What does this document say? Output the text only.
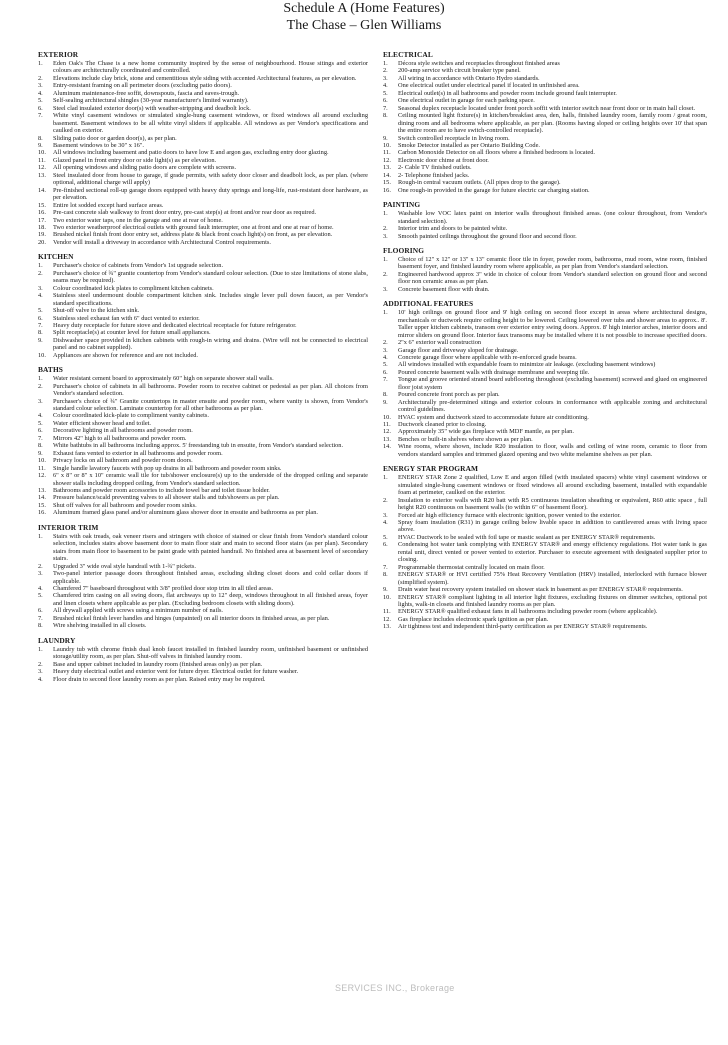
Schedule A (Home Features)
The Chase – Glen Williams
EXTERIOR
1.	Eden Oak's The Chase is a new home community inspired by the sense of neighbourhood. House sitings and exterior colours are architecturally coordinated and controlled.
2.	Elevations include clay brick, stone and cementitious style siding with accented Architectural features, as per elevation.
3.	Entry-resistant framing on all perimeter doors (excluding patio doors).
4.	Aluminum maintenance-free soffit, downspouts, fascia and eaves-trough.
5.	Self-sealing architectural shingles (30-year manufacturer's limited warranty).
6.	Steel clad insulated exterior door(s) with weather-stripping and deadbolt lock.
7.	White vinyl casement windows or simulated single-hung casement windows, or fixed windows all around excluding basement. Basement windows to be all white vinyl sliders if applicable. All windows as per Vendor's specifications and caulked on exterior.
8.	Sliding patio door or garden door(s), as per plan.
9.	Basement windows to be 30" x 16".
10.	All windows including basement and patio doors to have low E and argon gas, excluding entry door glazing.
11.	Glazed panel in front entry door or side light(s) as per elevation.
12.	All opening windows and sliding patio doors are complete with screens.
13.	Steel insulated door from house to garage, if grade permits, with safety door closer and deadbolt lock, as per plan. (where optional, additional charge will apply)
14.	Pre-finished sectional roll-up garage doors equipped with heavy duty springs and long-life, rust-resistant door hardware, as per elevation.
15.	Entire lot sodded except hard surface areas.
16.	Pre-cast concrete slab walkway to front door entry, pre-cast step(s) at front and/or rear door as required.
17.	Two exterior water taps, one in the garage and one at rear of home.
18.	Two exterior weatherproof electrical outlets with ground fault interrupter, one at front and one at rear of home.
19.	Brushed nickel finish front door entry set, address plate & black front coach light(s) on front, as per elevation.
20.	Vendor will install a driveway in accordance with Architectural Control requirements.
KITCHEN
1.	Purchaser's choice of cabinets from Vendor's 1st upgrade selection.
2.	Purchaser's choice of ¾" granite countertop from Vendor's standard colour selection. (Due to size limitations of stone slabs, seams may be required).
3.	Colour coordinated kick plates to compliment kitchen cabinets.
4.	Stainless steel undermount double compartment kitchen sink. Includes single lever pull down faucet, as per Vendor's standard specifications.
5.	Shut-off valve to the kitchen sink.
6.	Stainless steel exhaust fan with 6" duct vented to exterior.
7.	Heavy duty receptacle for future stove and dedicated electrical receptacle for future refrigerator.
8.	Split receptacle(s) at counter level for future small appliances.
9.	Dishwasher space provided in kitchen cabinets with rough-in wiring and drains. (Wire will not be connected to electrical panel and no cabinet supplied).
10.	Appliances are shown for reference and are not included.
BATHS
1.	Water resistant cement board to approximately 60" high on separate shower stall walls.
2.	Purchaser's choice of cabinets in all bathrooms. Powder room to receive cabinet or pedestal as per plan. All choices from Vendor's standard selection.
3.	Purchaser's choice of ¾" Granite countertops in master ensuite and powder room, where vanity is shown, from Vendor's standard colour selection. Laminate countertop for all other bathrooms as per plan.
4.	Colour coordinated kick-plate to compliment vanity cabinets.
5.	Water efficient shower head and toilet.
6.	Decorative lighting in all bathrooms and powder room.
7.	Mirrors 42" high to all bathrooms and powder room.
8.	White bathtubs in all bathrooms including approx. 5' freestanding tub in ensuite, from Vendor's standard selection.
9.	Exhaust fans vented to exterior in all bathrooms and powder room.
10.	Privacy locks on all bathroom and powder room doors.
11.	Single handle lavatory faucets with pop up drains in all bathroom and powder room sinks.
12.	6" x 8" or 8" x 10" ceramic wall tile for tub/shower enclosure(s) up to the underside of the dropped ceiling and separate shower stalls including dropped ceiling, from Vendor's standard selection.
13.	Bathrooms and powder room accessories to include towel bar and toilet tissue holder.
14.	Pressure balance/scald preventing valves to all shower stalls and tub/showers as per plan.
15.	Shut off valves for all bathroom and powder room sinks.
16.	Aluminum framed glass panel and/or aluminum glass shower door in ensuite and bathrooms as per plan.
INTERIOR TRIM
1.	Stairs with oak treads, oak veneer risers and stringers with choice of stained or clear finish from Vendor's standard colour selection, includes stairs above basement door to main floor stair and main to second floor stairs (as per plan). Secondary stairs from main floor to basement to be paint grade with painted handrail. No finished area at basement level of secondary stairs.
2.	Upgraded 3" wide oval style handrail with 1-¾" pickets.
3.	Two-panel interior passage doors throughout finished areas, excluding sliding closet doors and cold cellar doors if applicable.
4.	Chamfered 7" baseboard throughout with 3/8" profiled door stop trim in all tiled areas.
5.	Chamfered trim casing on all swing doors, flat archways up to 12" deep, windows throughout in all finished areas, foyer and linen closets where applicable as per plan. (Excluding bedroom closets with sliding doors).
6.	All drywall applied with screws using a minimum number of nails.
7.	Brushed nickel finish lever handles and hinges (unpainted) on all interior doors in finished areas, as per plan.
8.	Wire shelving installed in all closets.
LAUNDRY
1.	Laundry tub with chrome finish dual knob faucet installed in finished laundry room, unfinished basement or unfinished storage/utility room, as per plan. Shut-off valves in finished laundry room.
2.	Base and upper cabinet included in laundry room (finished areas only) as per plan.
3.	Heavy duty electrical outlet and exterior vent for future dryer. Electrical outlet for future washer.
4.	Floor drain to second floor laundry room as per plan. Raised entry may be required.
ELECTRICAL
1.	Décora style switches and receptacles throughout finished areas
2.	200-amp service with circuit breaker type panel.
3.	All wiring in accordance with Ontario Hydro standards.
4.	One electrical outlet under electrical panel if located in unfinished area.
5.	Electrical outlet(s) in all bathrooms and powder room include ground fault interrupter.
6.	One electrical outlet in garage for each parking space.
7.	Seasonal duplex receptacle located under front porch soffit with interior switch near front door or in main hall closet.
8.	Ceiling mounted light fixture(s) in kitchen/breakfast area, den, halls, finished laundry room, family room / great room, dining room and all bedrooms where applicable, as per plan. (Rooms having sloped or ceiling heights over 10' that span the entire room are to have switch-controlled receptacle).
9.	Switch controlled receptacle in living room.
10.	Smoke Detector installed as per Ontario Building Code.
11.	Carbon Monoxide Detector on all floors where a finished bedroom is located.
12.	Electronic door chime at front door.
13.	2- Cable TV finished outlets.
14.	2- Telephone finished jacks.
15.	Rough-in central vacuum outlets. (All pipes drop to the garage).
16.	One rough-in provided in the garage for future electric car charging station.
PAINTING
1.	Washable low VOC latex paint on interior walls throughout finished areas. (one colour throughout, from Vendor's standard selection).
2.	Interior trim and doors to be painted white.
3.	Smooth painted ceilings throughout the ground floor and second floor.
FLOORING
1.	Choice of 12" x 12" or 13" x 13" ceramic floor tile in foyer, powder room, bathrooms, mud room, wine room, finished basement foyer, and finished laundry room where applicable, as per plan from Vendor's standard selection.
2.	Engineered hardwood approx 3" wide in choice of colour from Vendor's standard selection on ground floor and second floor non ceramic areas as per plan.
3.	Concrete basement floor with drain.
ADDITIONAL FEATURES
1.	10' high ceilings on ground floor and 9' high ceiling on second floor except in areas where architectural designs, mechanicals or ductwork require ceiling height to be lowered. Ceiling lowered over tubs and shower areas to approx.. 8'. Taller upper kitchen cabinets, transom over exterior entry swing doors. Approx. 8' high interior arches, interior doors and mirror sliders on ground floor. Interior faux transoms may be installed where it is not possible to increase specified doors.
2.	2"x 6" exterior wall construction
3.	Garage floor and driveway sloped for drainage.
4.	Concrete garage floor where applicable with re-enforced grade beams.
5.	All windows installed with expandable foam to minimize air leakage. (excluding basement windows)
6.	Poured concrete basement walls with drainage membrane and weeping tile.
7.	Tongue and groove oriented strand board subflooring throughout (excluding basement) screwed and glued on engineered floor joist system
8.	Poured concrete front porch as per plan.
9.	Architecturally pre-determined sitings and exterior colours in conformance with applicable zoning and architectural control guidelines.
10.	HVAC system and ductwork sized to accommodate future air conditioning.
11.	Ductwork cleaned prior to closing.
12.	Approximately 35" wide gas fireplace with MDF mantle, as per plan.
13.	Benches or built-in shelves where shown as per plan.
14.	Wine rooms, where shown, include R20 insulation to floor, walls and ceiling of wine room, ceramic to floor from vendors standard samples and trimmed glazed opening and two white melamine shelves as per plan.
ENERGY STAR PROGRAM
1.	ENERGY STAR Zone 2 qualified, Low E and argon filled (with insulated spacers) white vinyl casement windows or simulated single-hung casement windows or fixed windows all around excluding basement, installed with expandable foam at perimeter, caulked on the exterior.
2.	Insulation to exterior walls with R20 batt with R5 continuous insulation sheathing or equivalent, R60 attic space , full height R20 continuous on basement walls (to within 6" of basement floor).
3.	Forced air high efficiency furnace with electronic ignition, power vented to the exterior.
4.	Spray foam insulation (R31) in garage ceiling below livable space in addition to cantilevered areas with living space above.
5.	HVAC Ductwork to be sealed with foil tape or mastic sealant as per ENERGY STAR® requirements.
6.	Condensing hot water tank complying with ENERGY STAR® and energy efficiency regulations. Hot water tank is gas rental unit, direct vented or power vented to exterior. Purchaser to execute agreement with designated supplier prior to closing.
7.	Programmable thermostat centrally located on main floor.
8.	ENERGY STAR® or HVI certified 75% Heat Recovery Ventilation (HRV) installed, interlocked with furnace blower (simplified system).
9.	Drain water heat recovery system installed on shower stack in basement as per ENERGY STAR® requirements.
10.	ENERGY STAR® compliant lighting in all interior light fixtures, excluding fixtures on dimmer switches, optional pot lights, walk-in closets and finished laundry rooms as per plan.
11.	ENERGY STAR® qualified exhaust fans in all bathrooms including powder room (where applicable).
12.	Gas fireplace includes electronic spark ignition as per plan.
13.	Air tightness test and independent third-party certification as per ENERGY STAR® requirements.
SERVICES INC., Brokerage
